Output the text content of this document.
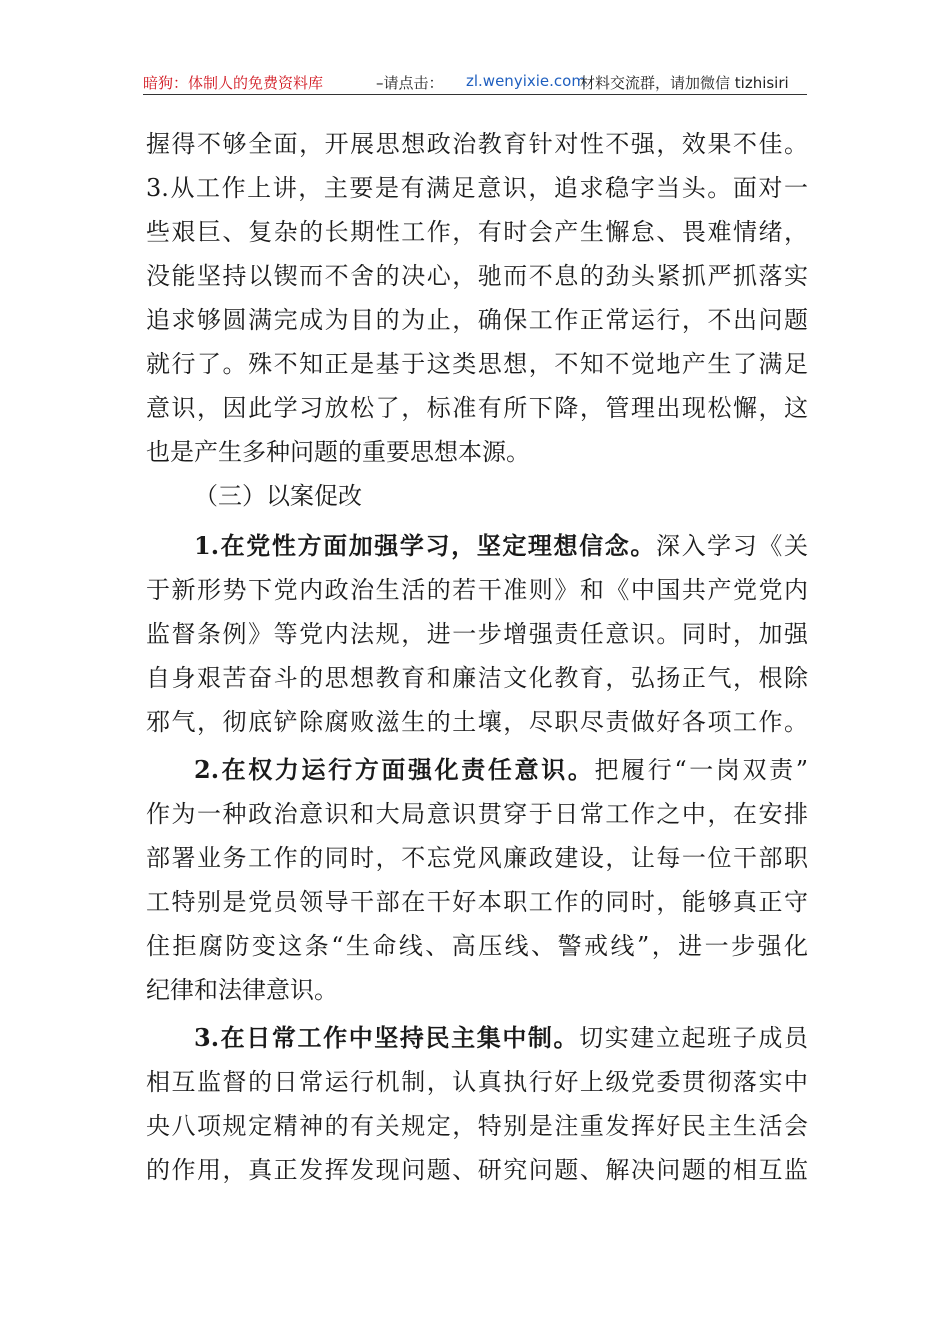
暗狗：体制人的免费资料库	–请点击： zl.wenyixie.com
材料交流群，请加微信 tizhisiri
握得不够全面，开展思想政治教育针对性不强，效果不佳。
3.从工作上讲，主要是有满足意识，追求稳字当头。面对一
些艰巨、复杂的长期性工作，有时会产生懈怠、畏难情绪，
没能坚持以锲而不舍的决心，驰而不息的劲头紧抓严抓落实
追求够圆满完成为目的为止，确保工作正常运行，不出问题
就行了。殊不知正是基于这类思想，不知不觉地产生了满足
意识，因此学习放松了，标准有所下降，管理出现松懈，这
也是产生多种问题的重要思想本源。
（三）以案促改
1.在党性方面加强学习，坚定理想信念。深入学习《关
于新形势下党内政治生活的若干准则》和《中国共产党党内
监督条例》等党内法规，进一步增强责任意识。同时，加强
自身艰苦奋斗的思想教育和廉洁文化教育，弘扬正气，根除
邪气，彻底铲除腐败滋生的土壤，尽职尽责做好各项工作。
2.在权力运行方面强化责任意识。把履行“一岗双责”
作为一种政治意识和大局意识贯穿于日常工作之中，在安排
部署业务工作的同时，不忘党风廉政建设，让每一位干部职
工特别是党员领导干部在干好本职工作的同时，能够真正守
住拒腐防变这条“生命线、高压线、警戒线”，进一步强化
纪律和法律意识。
3.在日常工作中坚持民主集中制。切实建立起班子成员
相互监督的日常运行机制，认真执行好上级党委贯彻落实中
央八项规定精神的有关规定，特别是注重发挥好民主生活会
的作用，真正发挥发现问题、研究问题、解决问题的相互监
